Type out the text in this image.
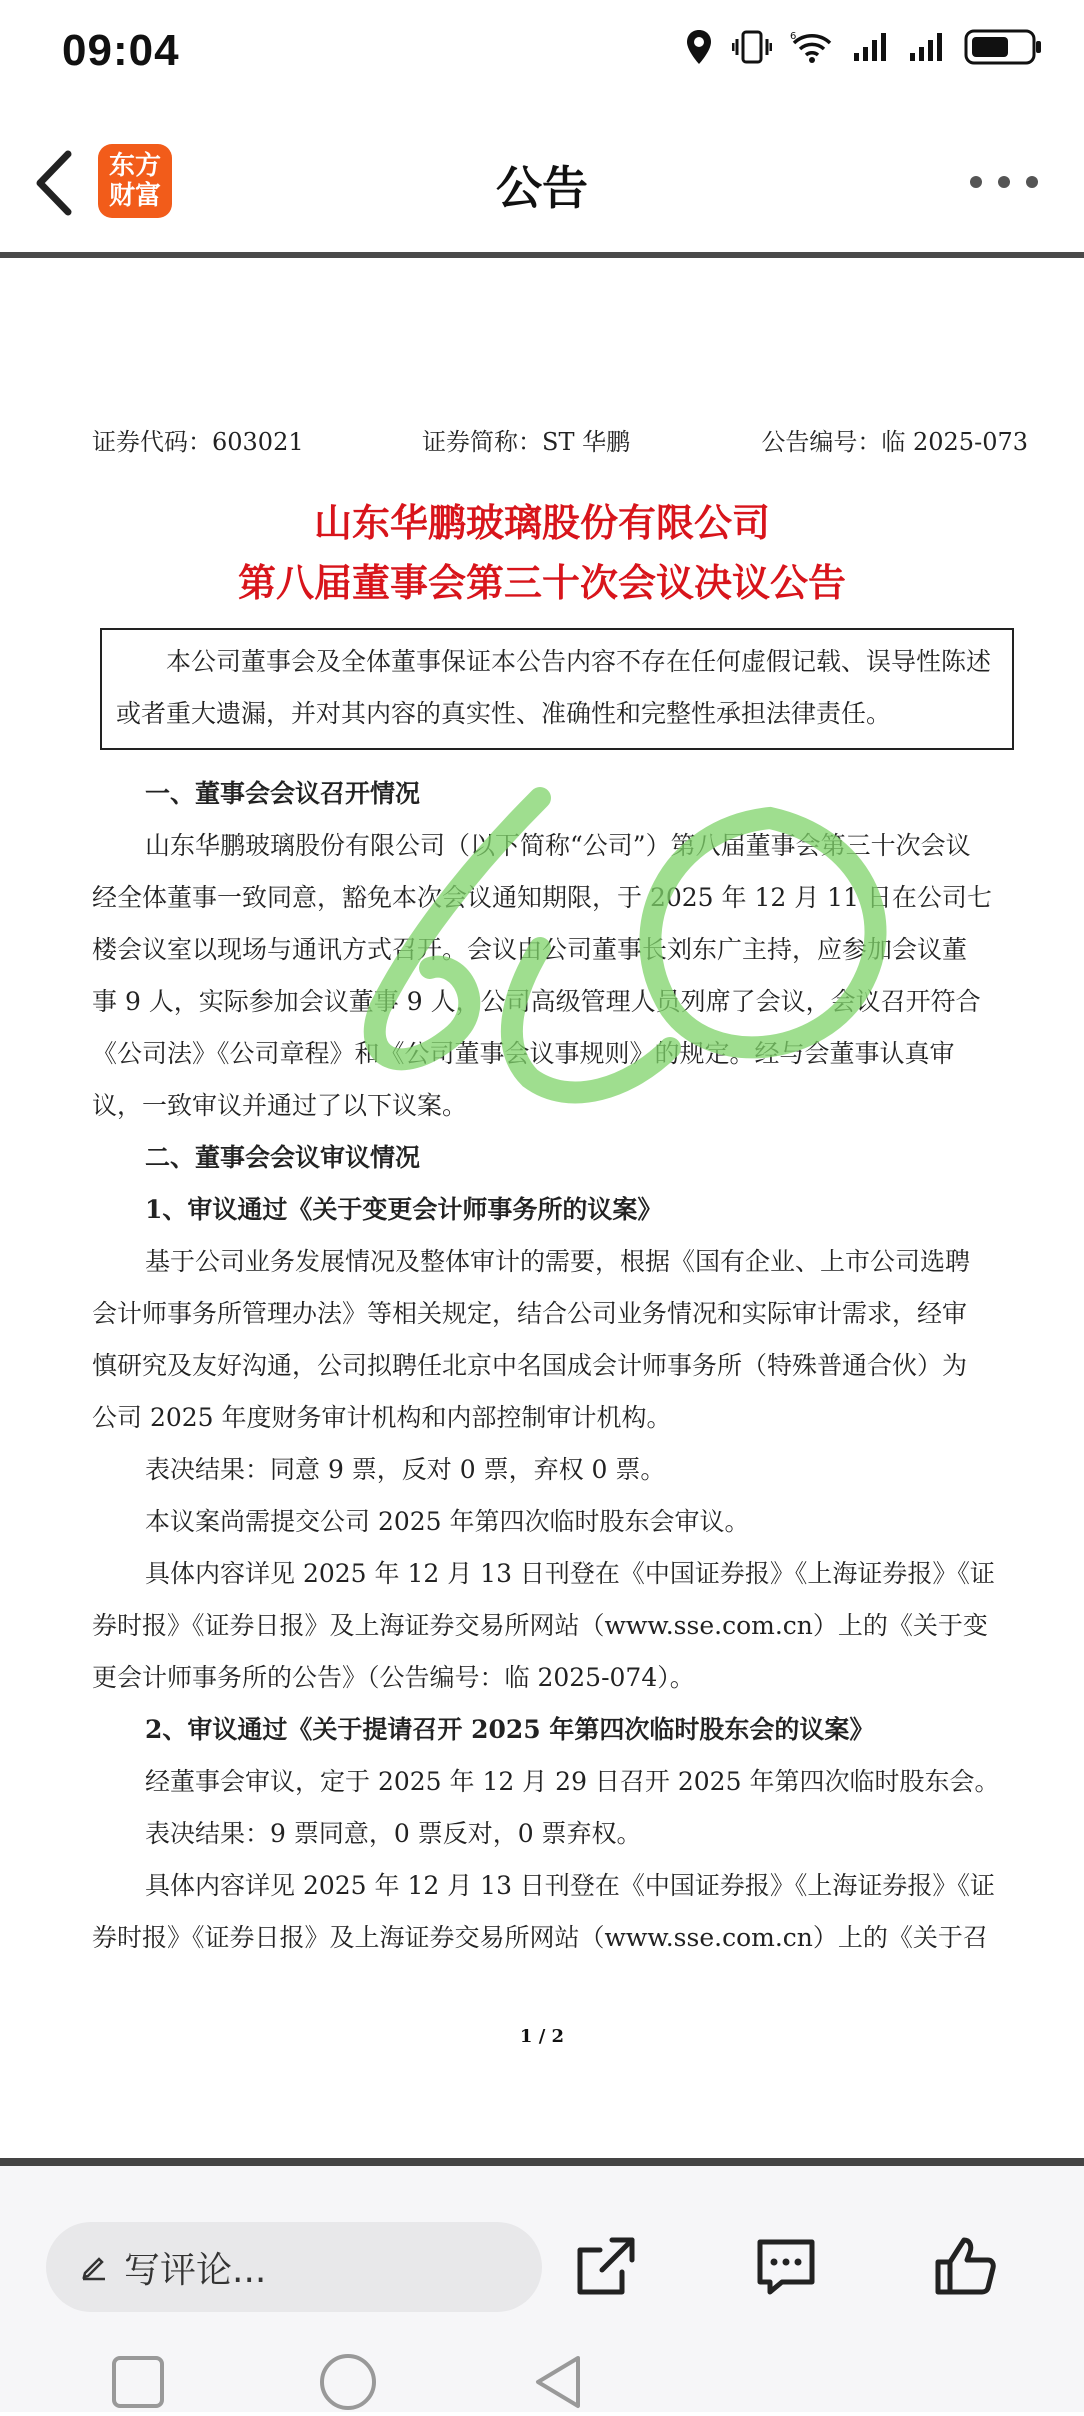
09:04	6
东方
财富	公告
证券代码：603021	证券简称：ST 华鹏	公告编号：临 2025-073
山东华鹏玻璃股份有限公司
第八届董事会第三十次会议决议公告
本公司董事会及全体董事保证本公告内容不存在任何虚假记载、误导性陈述或者重大遗漏，并对其内容的真实性、准确性和完整性承担法律责任。
一、董事会会议召开情况
山东华鹏玻璃股份有限公司（以下简称“公司”）第八届董事会第三十次会议
经全体董事一致同意，豁免本次会议通知期限，于 2025 年 12 月 11 日在公司七
楼会议室以现场与通讯方式召开。会议由公司董事长刘东广主持，应参加会议董
事 9 人，实际参加会议董事 9 人，公司高级管理人员列席了会议，会议召开符合
《公司法》《公司章程》和《公司董事会议事规则》的规定。经与会董事认真审
议，一致审议并通过了以下议案。
二、董事会会议审议情况
1、审议通过《关于变更会计师事务所的议案》
基于公司业务发展情况及整体审计的需要，根据《国有企业、上市公司选聘
会计师事务所管理办法》等相关规定，结合公司业务情况和实际审计需求，经审
慎研究及友好沟通，公司拟聘任北京中名国成会计师事务所（特殊普通合伙）为
公司 2025 年度财务审计机构和内部控制审计机构。
表决结果：同意 9 票，反对 0 票，弃权 0 票。
本议案尚需提交公司 2025 年第四次临时股东会审议。
具体内容详见 2025 年 12 月 13 日刊登在《中国证券报》《上海证券报》《证
券时报》《证券日报》及上海证券交易所网站（www.sse.com.cn）上的《关于变
更会计师事务所的公告》（公告编号：临 2025-074）。
2、审议通过《关于提请召开 2025 年第四次临时股东会的议案》
经董事会审议，定于 2025 年 12 月 29 日召开 2025 年第四次临时股东会。
表决结果：9 票同意，0 票反对，0 票弃权。
具体内容详见 2025 年 12 月 13 日刊登在《中国证券报》《上海证券报》《证
券时报》《证券日报》及上海证券交易所网站（www.sse.com.cn）上的《关于召
1 / 2
写评论...
